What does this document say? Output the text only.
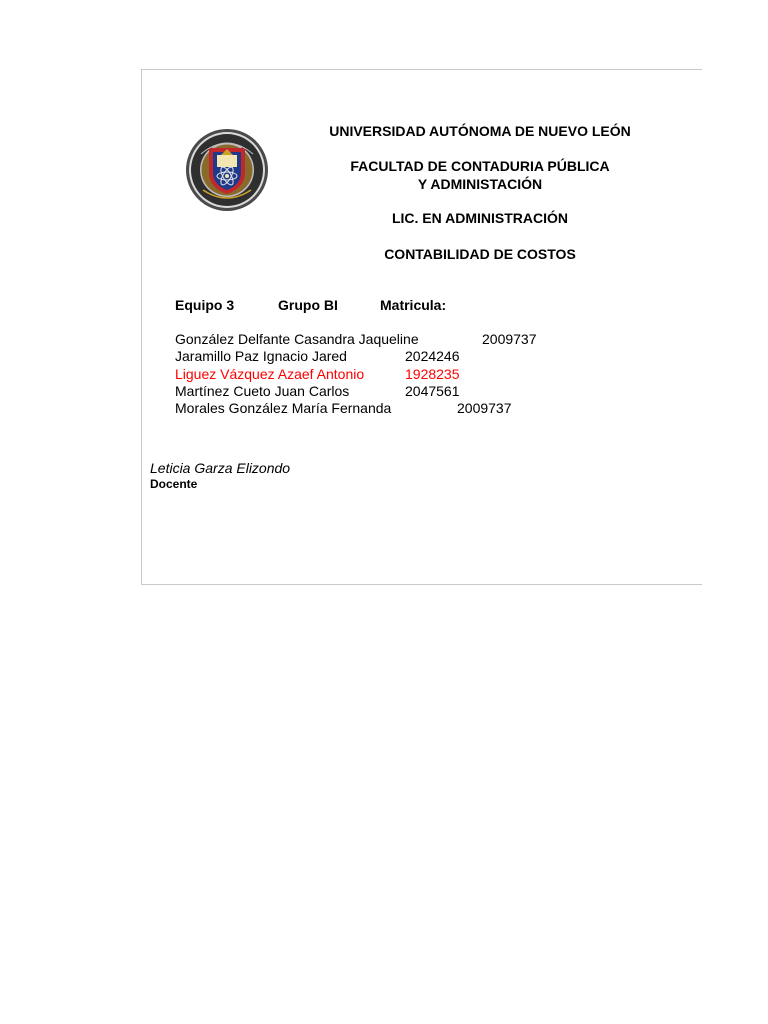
UNIVERSIDAD AUTÓNOMA DE NUEVO LEÓN
FACULTAD DE CONTADURIA PÚBLICA
Y ADMINISTACIÓN
LIC. EN ADMINISTRACIÓN
CONTABILIDAD DE COSTOS
Equipo 3	Grupo BI	Matricula:
González Delfante Casandra Jaqueline	2009737
Jaramillo Paz Ignacio Jared	2024246
Liguez Vázquez Azaef Antonio	1928235
Martínez Cueto Juan Carlos	2047561
Morales González María Fernanda	2009737
Leticia Garza Elizondo
Docente
